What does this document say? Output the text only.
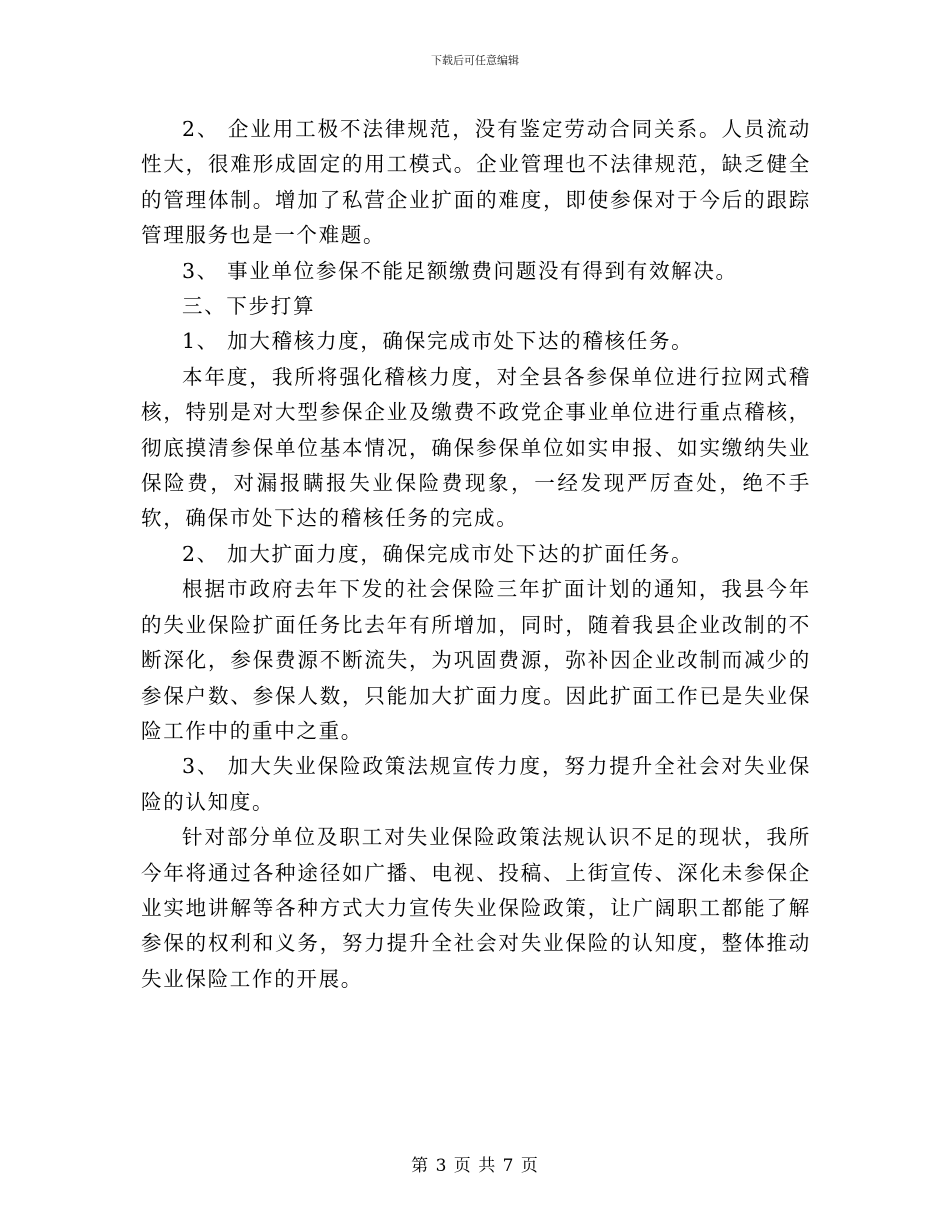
下载后可任意编辑

2、 企业用工极不法律规范，没有鉴定劳动合同关系。人员流动性大，很难形成固定的用工模式。企业管理也不法律规范，缺乏健全的管理体制。增加了私营企业扩面的难度，即使参保对于今后的跟踪管理服务也是一个难题。

3、 事业单位参保不能足额缴费问题没有得到有效解决。

三、下步打算

1、 加大稽核力度，确保完成市处下达的稽核任务。

本年度，我所将强化稽核力度，对全县各参保单位进行拉网式稽核，特别是对大型参保企业及缴费不政党企事业单位进行重点稽核，彻底摸清参保单位基本情况，确保参保单位如实申报、如实缴纳失业保险费，对漏报瞒报失业保险费现象，一经发现严厉查处，绝不手软，确保市处下达的稽核任务的完成。

2、 加大扩面力度，确保完成市处下达的扩面任务。

根据市政府去年下发的社会保险三年扩面计划的通知，我县今年的失业保险扩面任务比去年有所增加，同时，随着我县企业改制的不断深化，参保费源不断流失，为巩固费源，弥补因企业改制而减少的参保户数、参保人数，只能加大扩面力度。因此扩面工作已是失业保险工作中的重中之重。

3、 加大失业保险政策法规宣传力度，努力提升全社会对失业保险的认知度。

针对部分单位及职工对失业保险政策法规认识不足的现状，我所今年将通过各种途径如广播、电视、投稿、上街宣传、深化未参保企业实地讲解等各种方式大力宣传失业保险政策，让广阔职工都能了解参保的权利和义务，努力提升全社会对失业保险的认知度，整体推动失业保险工作的开展。

第 3 页 共 7 页
